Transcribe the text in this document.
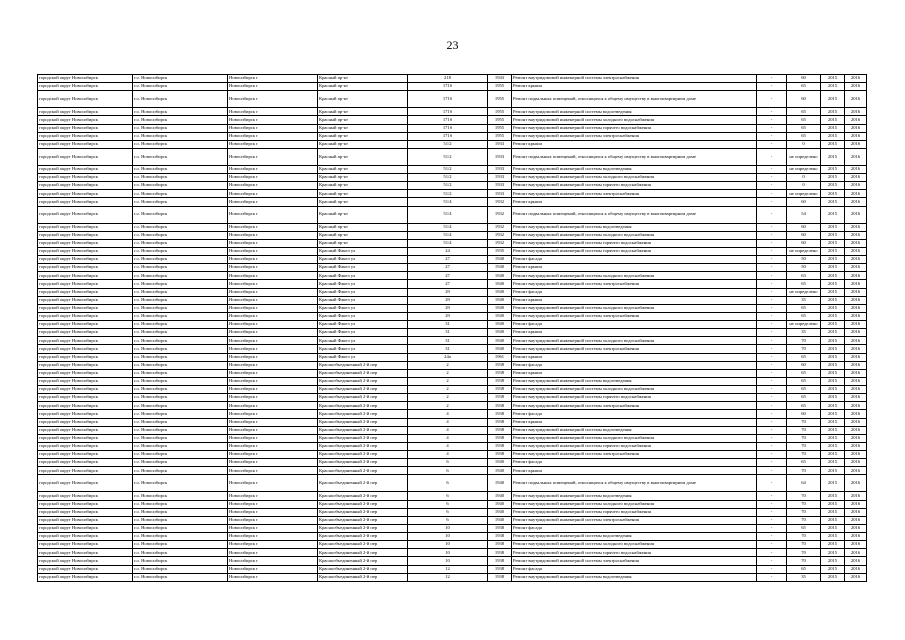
23
городской округ Новосибирск	г.о. Новосибирск	Новосибирск г	Красный пр-кт	218	1943	Ремонт внутридомовой инженерной системы электроснабжения	-	60	2015	2016
городской округ Новосибирск	г.о. Новосибирск	Новосибирск г	Красный пр-кт	171б	1955	Ремонт крыши	-	65	2015	2016
городской округ Новосибирск	г.о. Новосибирск	Новосибирск г	Красный пр-кт	171б	1955	Ремонт подвальных помещений, относящихся к общему имуществу в многоквартирном доме	-	60	2015	2016
городской округ Новосибирск	г.о. Новосибирск	Новосибирск г	Красный пр-кт	171б	1955	Ремонт внутридомовой инженерной системы водоотведения	-	65	2015	2016
городской округ Новосибирск	г.о. Новосибирск	Новосибирск г	Красный пр-кт	171б	1955	Ремонт внутридомовой инженерной системы холодного водоснабжения	-	65	2015	2016
городской округ Новосибирск	г.о. Новосибирск	Новосибирск г	Красный пр-кт	171б	1955	Ремонт внутридомовой инженерной системы горячего водоснабжения	-	65	2015	2016
городской округ Новосибирск	г.о. Новосибирск	Новосибирск г	Красный пр-кт	171б	1955	Ремонт внутридомовой инженерной системы электроснабжения	-	65	2015	2016
городской округ Новосибирск	г.о. Новосибирск	Новосибирск г	Красный пр-кт	51/2	1933	Ремонт крыши	-	0	2015	2016
городской округ Новосибирск	г.о. Новосибирск	Новосибирск г	Красный пр-кт	51/2	1933	Ремонт подвальных помещений, относящихся к общему имуществу в многоквартирном доме	-	не определено	2015	2016
городской округ Новосибирск	г.о. Новосибирск	Новосибирск г	Красный пр-кт	51/2	1933	Ремонт внутридомовой инженерной системы водоотведения	-	не определено	2015	2016
городской округ Новосибирск	г.о. Новосибирск	Новосибирск г	Красный пр-кт	51/2	1933	Ремонт внутридомовой инженерной системы холодного водоснабжения	-	0	2015	2016
городской округ Новосибирск	г.о. Новосибирск	Новосибирск г	Красный пр-кт	51/2	1933	Ремонт внутридомовой инженерной системы горячего водоснабжения	-	0	2015	2016
городской округ Новосибирск	г.о. Новосибирск	Новосибирск г	Красный пр-кт	51/2	1933	Ремонт внутридомовой инженерной системы электроснабжения	-	не определено	2015	2016
городской округ Новосибирск	г.о. Новосибирск	Новосибирск г	Красный пр-кт	51/4	1932	Ремонт крыши	-	60	2015	2016
городской округ Новосибирск	г.о. Новосибирск	Новосибирск г	Красный пр-кт	51/4	1932	Ремонт подвальных помещений, относящихся к общему имуществу в многоквартирном доме	-	54	2015	2016
городской округ Новосибирск	г.о. Новосибирск	Новосибирск г	Красный пр-кт	51/4	1932	Ремонт внутридомовой инженерной системы водоотведения	-	60	2015	2016
городской округ Новосибирск	г.о. Новосибирск	Новосибирск г	Красный пр-кт	51/4	1932	Ремонт внутридомовой инженерной системы холодного водоснабжения	-	60	2015	2016
городской округ Новосибирск	г.о. Новосибирск	Новосибирск г	Красный пр-кт	51/4	1932	Ремонт внутридомовой инженерной системы горячего водоснабжения	-	60	2015	2016
городской округ Новосибирск	г.о. Новосибирск	Новосибирск г	Красный Факел ул	24	1935	Ремонт внутридомовой инженерной системы горячего водоснабжения	-	не определено	2015	2016
городской округ Новосибирск	г.о. Новосибирск	Новосибирск г	Красный Факел ул	27	1940	Ремонт фасада	-	50	2015	2016
городской округ Новосибирск	г.о. Новосибирск	Новосибирск г	Красный Факел ул	27	1940	Ремонт крыши	-	50	2015	2016
городской округ Новосибирск	г.о. Новосибирск	Новосибирск г	Красный Факел ул	27	1940	Ремонт внутридомовой инженерной системы холодного водоснабжения	-	63	2015	2016
городской округ Новосибирск	г.о. Новосибирск	Новосибирск г	Красный Факел ул	27	1940	Ремонт внутридомовой инженерной системы электроснабжения	-	65	2015	2016
городской округ Новосибирск	г.о. Новосибирск	Новосибирск г	Красный Факел ул	29	1940	Ремонт фасада	-	не определено	2015	2016
городской округ Новосибирск	г.о. Новосибирск	Новосибирск г	Красный Факел ул	29	1940	Ремонт крыши	-	35	2015	2016
городской округ Новосибирск	г.о. Новосибирск	Новосибирск г	Красный Факел ул	29	1940	Ремонт внутридомовой инженерной системы холодного водоснабжения	-	65	2015	2016
городской округ Новосибирск	г.о. Новосибирск	Новосибирск г	Красный Факел ул	29	1940	Ремонт внутридомовой инженерной системы электроснабжения	-	65	2015	2016
городской округ Новосибирск	г.о. Новосибирск	Новосибирск г	Красный Факел ул	31	1940	Ремонт фасада	-	не определено	2015	2016
городской округ Новосибирск	г.о. Новосибирск	Новосибирск г	Красный Факел ул	31	1940	Ремонт крыши	-	35	2015	2016
городской округ Новосибирск	г.о. Новосибирск	Новосибирск г	Красный Факел ул	31	1940	Ремонт внутридомовой инженерной системы холодного водоснабжения	-	70	2015	2016
городской округ Новосибирск	г.о. Новосибирск	Новосибирск г	Красный Факел ул	31	1940	Ремонт внутридомовой инженерной системы электроснабжения	-	70	2015	2016
городской округ Новосибирск	г.о. Новосибирск	Новосибирск г	Красный Факел ул	24а	1961	Ремонт крыши	-	65	2015	2016
городской округ Новосибирск	г.о. Новосибирск	Новосибирск г	Краснообъединенный 2-й пер	2	1938	Ремонт фасада	-	60	2015	2016
городской округ Новосибирск	г.о. Новосибирск	Новосибирск г	Краснообъединенный 2-й пер	2	1938	Ремонт крыши	-	65	2015	2016
городской округ Новосибирск	г.о. Новосибирск	Новосибирск г	Краснообъединенный 2-й пер	2	1938	Ремонт внутридомовой инженерной системы водоотведения	-	65	2015	2016
городской округ Новосибирск	г.о. Новосибирск	Новосибирск г	Краснообъединенный 2-й пер	2	1938	Ремонт внутридомовой инженерной системы холодного водоснабжения	-	65	2015	2016
городской округ Новосибирск	г.о. Новосибирск	Новосибирск г	Краснообъединенный 2-й пер	2	1938	Ремонт внутридомовой инженерной системы горячего водоснабжения	-	65	2015	2016
городской округ Новосибирск	г.о. Новосибирск	Новосибирск г	Краснообъединенный 2-й пер	2	1938	Ремонт внутридомовой инженерной системы электроснабжения	-	65	2015	2016
городской округ Новосибирск	г.о. Новосибирск	Новосибирск г	Краснообъединенный 2-й пер	4	1938	Ремонт фасада	-	60	2015	2016
городской округ Новосибирск	г.о. Новосибирск	Новосибирск г	Краснообъединенный 2-й пер	4	1938	Ремонт крыши	-	70	2015	2016
городской округ Новосибирск	г.о. Новосибирск	Новосибирск г	Краснообъединенный 2-й пер	4	1938	Ремонт внутридомовой инженерной системы водоотведения	-	70	2015	2016
городской округ Новосибирск	г.о. Новосибирск	Новосибирск г	Краснообъединенный 2-й пер	4	1938	Ремонт внутридомовой инженерной системы холодного водоснабжения	-	70	2015	2016
городской округ Новосибирск	г.о. Новосибирск	Новосибирск г	Краснообъединенный 2-й пер	4	1938	Ремонт внутридомовой инженерной системы горячего водоснабжения	-	70	2015	2016
городской округ Новосибирск	г.о. Новосибирск	Новосибирск г	Краснообъединенный 2-й пер	4	1938	Ремонт внутридомовой инженерной системы электроснабжения	-	70	2015	2016
городской округ Новосибирск	г.о. Новосибирск	Новосибирск г	Краснообъединенный 2-й пер	6	1940	Ремонт фасада	-	65	2015	2016
городской округ Новосибирск	г.о. Новосибирск	Новосибирск г	Краснообъединенный 2-й пер	6	1940	Ремонт крыши	-	70	2015	2016
городской округ Новосибирск	г.о. Новосибирск	Новосибирск г	Краснообъединенный 2-й пер	6	1940	Ремонт подвальных помещений, относящихся к общему имуществу в многоквартирном доме	-	64	2015	2016
городской округ Новосибирск	г.о. Новосибирск	Новосибирск г	Краснообъединенный 2-й пер	6	1940	Ремонт внутридомовой инженерной системы водоотведения	-	70	2015	2016
городской округ Новосибирск	г.о. Новосибирск	Новосибирск г	Краснообъединенный 2-й пер	6	1940	Ремонт внутридомовой инженерной системы холодного водоснабжения	-	70	2015	2016
городской округ Новосибирск	г.о. Новосибирск	Новосибирск г	Краснообъединенный 2-й пер	6	1940	Ремонт внутридомовой инженерной системы горячего водоснабжения	-	70	2015	2016
городской округ Новосибирск	г.о. Новосибирск	Новосибирск г	Краснообъединенный 2-й пер	6	1940	Ремонт внутридомовой инженерной системы электроснабжения	-	70	2015	2016
городской округ Новосибирск	г.о. Новосибирск	Новосибирск г	Краснообъединенный 2-й пер	10	1938	Ремонт фасада	-	65	2015	2016
городской округ Новосибирск	г.о. Новосибирск	Новосибирск г	Краснообъединенный 2-й пер	10	1938	Ремонт внутридомовой инженерной системы водоотведения	-	70	2015	2016
городской округ Новосибирск	г.о. Новосибирск	Новосибирск г	Краснообъединенный 2-й пер	10	1938	Ремонт внутридомовой инженерной системы холодного водоснабжения	-	70	2015	2016
городской округ Новосибирск	г.о. Новосибирск	Новосибирск г	Краснообъединенный 2-й пер	10	1938	Ремонт внутридомовой инженерной системы горячего водоснабжения	-	70	2015	2016
городской округ Новосибирск	г.о. Новосибирск	Новосибирск г	Краснообъединенный 2-й пер	10	1938	Ремонт внутридомовой инженерной системы электроснабжения	-	70	2015	2016
городской округ Новосибирск	г.о. Новосибирск	Новосибирск г	Краснообъединенный 2-й пер	12	1938	Ремонт фасада	-	65	2015	2016
городской округ Новосибирск	г.о. Новосибирск	Новосибирск г	Краснообъединенный 2-й пер	12	1938	Ремонт внутридомовой инженерной системы водоотведения	-	35	2015	2016
